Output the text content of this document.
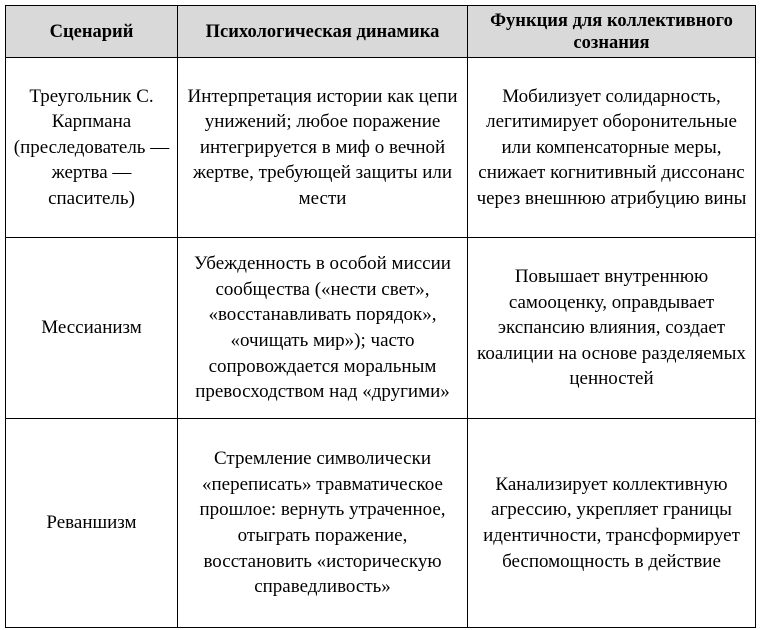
Сценарий	Психологическая динамика	Функция для коллективного сознания
Треугольник С. Карпмана (преследователь — жертва — спаситель)	Интерпретация истории как цепи унижений; любое поражение интегрируется в миф о вечной жертве, требующей защиты или мести	Мобилизует солидарность, легитимирует оборонительные или компенсаторные меры, снижает когнитивный диссонанс через внешнюю атрибуцию вины
Мессианизм	Убежденность в особой миссии сообщества («нести свет», «восстанавливать порядок», «очищать мир»); часто сопровождается моральным превосходством над «другими»	Повышает внутреннюю самооценку, оправдывает экспансию влияния, создает коалиции на основе разделяемых ценностей
Реваншизм	Стремление символически «переписать» травматическое прошлое: вернуть утраченное, отыграть поражение, восстановить «историческую справедливость»	Канализирует коллективную агрессию, укрепляет границы идентичности, трансформирует беспомощность в действие
